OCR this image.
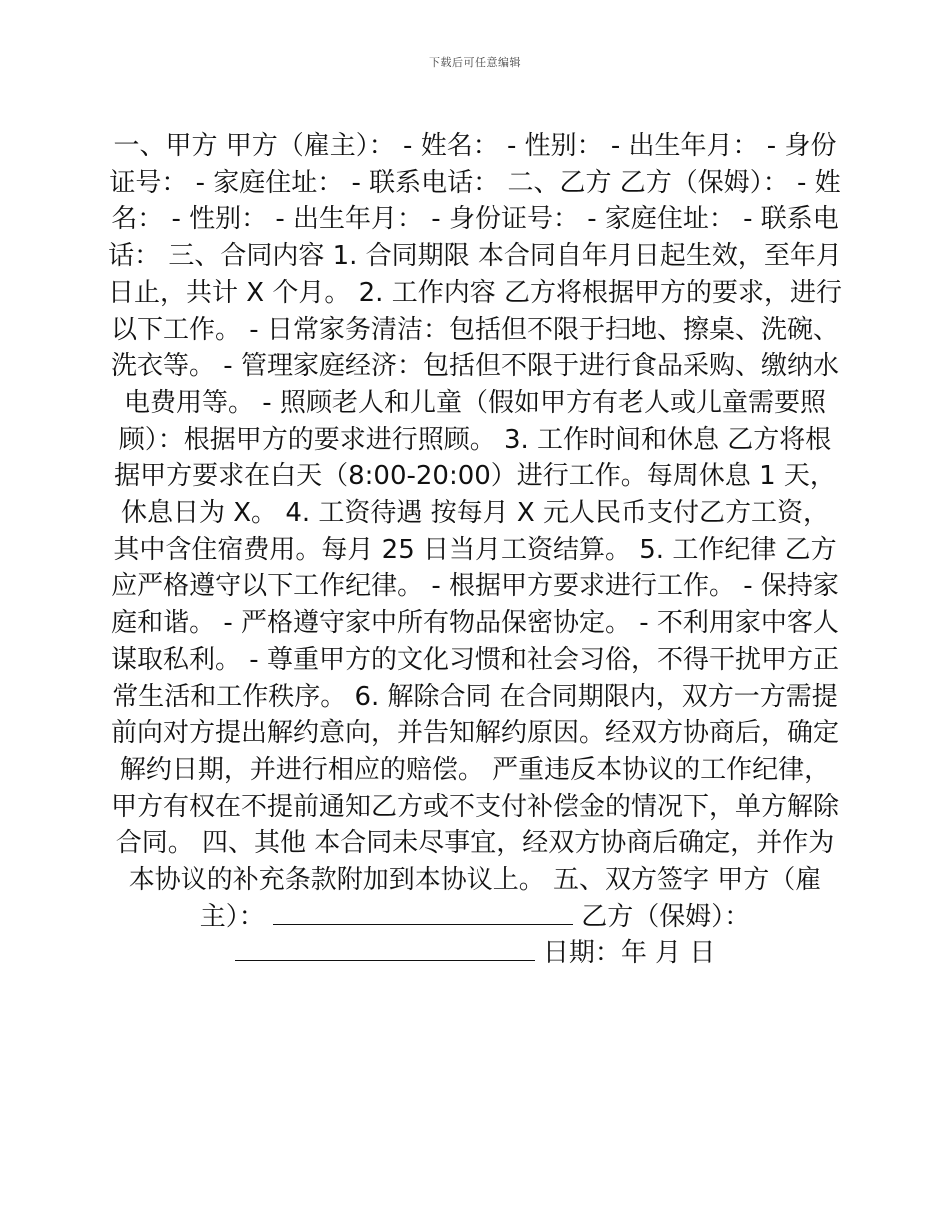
下载后可任意编辑
一、甲方 甲方（雇主）： - 姓名： - 性别： - 出生年月： - 身份证号： - 家庭住址： - 联系电话： 二、乙方 乙方（保姆）： - 姓名： - 性别： - 出生年月： - 身份证号： - 家庭住址： - 联系电话： 三、合同内容 1. 合同期限 本合同自年月日起生效，至年月日止，共计 X 个月。 2. 工作内容 乙方将根据甲方的要求，进行以下工作。 - 日常家务清洁：包括但不限于扫地、擦桌、洗碗、洗衣等。 - 管理家庭经济：包括但不限于进行食品采购、缴纳水电费用等。 - 照顾老人和儿童（假如甲方有老人或儿童需要照顾）：根据甲方的要求进行照顾。 3. 工作时间和休息 乙方将根据甲方要求在白天（8:00-20:00）进行工作。每周休息 1 天，休息日为 X。 4. 工资待遇 按每月 X 元人民币支付乙方工资，其中含住宿费用。每月 25 日当月工资结算。 5. 工作纪律 乙方应严格遵守以下工作纪律。 - 根据甲方要求进行工作。 - 保持家庭和谐。 - 严格遵守家中所有物品保密协定。 - 不利用家中客人谋取私利。 - 尊重甲方的文化习惯和社会习俗，不得干扰甲方正常生活和工作秩序。 6. 解除合同 在合同期限内，双方一方需提前向对方提出解约意向，并告知解约原因。经双方协商后，确定解约日期，并进行相应的赔偿。 严重违反本协议的工作纪律，甲方有权在不提前通知乙方或不支付补偿金的情况下，单方解除合同。 四、其他 本合同未尽事宜，经双方协商后确定，并作为本协议的补充条款附加到本协议上。 五、双方签字 甲方（雇主）：	乙方（保姆）：  日期：年 月 日
